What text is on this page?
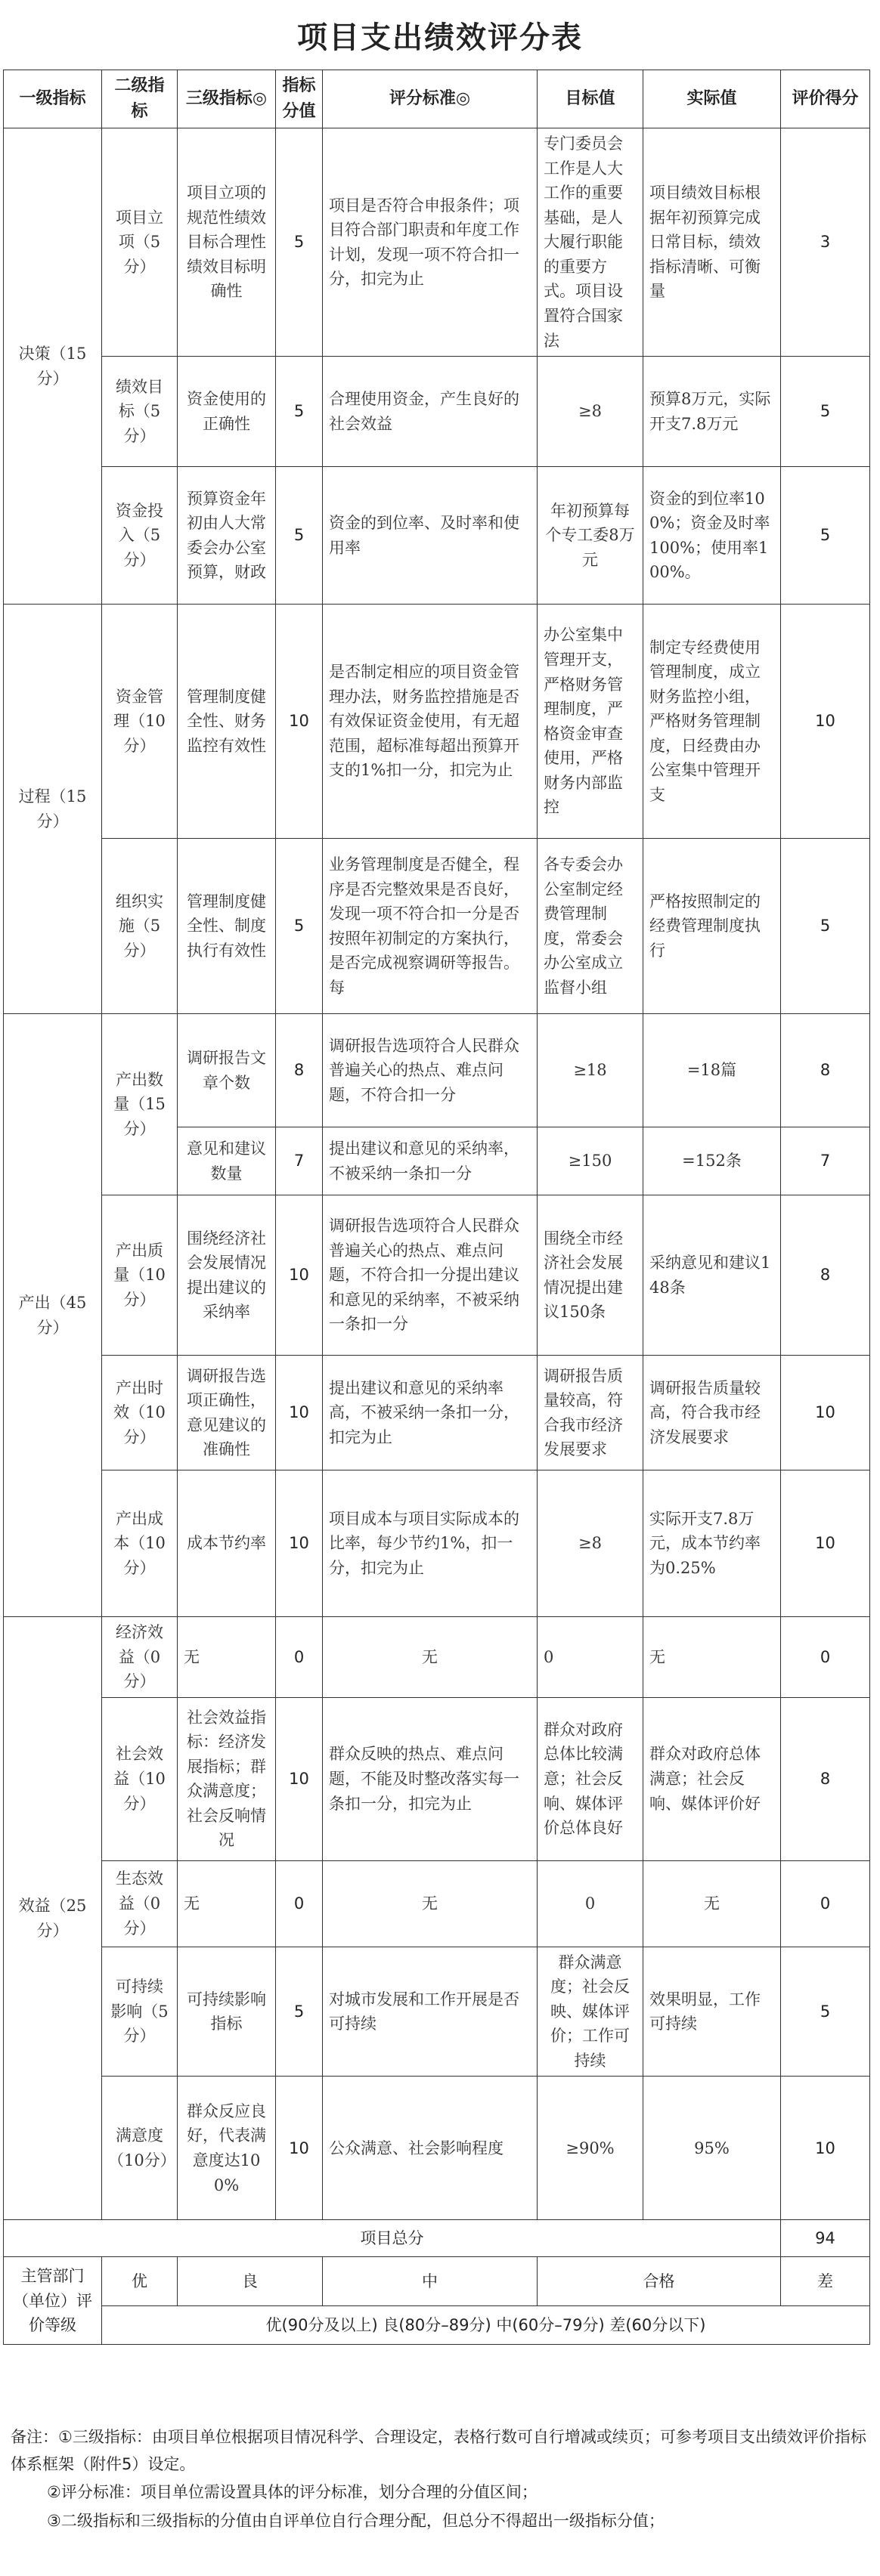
项目支出绩效评分表
一级指标	二级指标	三级指标◎	指标分值	评分标准◎	目标值	实际值	评价得分
决策（15分）	项目立项（5分）	项目立项的规范性绩效目标合理性绩效目标明确性	5	项目是否符合申报条件；项目符合部门职责和年度工作计划，发现一项不符合扣一分，扣完为止	专门委员会工作是人大工作的重要基础，是人大履行职能的重要方式。项目设置符合国家法	项目绩效目标根据年初预算完成日常目标，绩效指标清晰、可衡量	3
	绩效目标（5分）	资金使用的正确性	5	合理使用资金，产生良好的社会效益	≥8	预算8万元，实际开支7.8万元	5
	资金投入（5分）	预算资金年初由人大常委会办公室预算，财政	5	资金的到位率、及时率和使用率	年初预算每个专工委8万元	资金的到位率100%；资金及时率100%；使用率100%。	5
过程（15分）	资金管理（10分）	管理制度健全性、财务监控有效性	10	是否制定相应的项目资金管理办法，财务监控措施是否有效保证资金使用，有无超范围，超标准每超出预算开支的1%扣一分，扣完为止	办公室集中管理开支，严格财务管理制度，严格资金审查使用，严格财务内部监控	制定专经费使用管理制度，成立财务监控小组，严格财务管理制度，日经费由办公室集中管理开支	10
	组织实施（5分）	管理制度健全性、制度执行有效性	5	业务管理制度是否健全，程序是否完整效果是否良好，发现一项不符合扣一分是否按照年初制定的方案执行，是否完成视察调研等报告。每	各专委会办公室制定经费管理制度，常委会办公室成立监督小组	严格按照制定的经费管理制度执行	5
产出（45分）	产出数量（15分）	调研报告文章个数	8	调研报告选项符合人民群众普遍关心的热点、难点问题，不符合扣一分	≥18	=18篇	8
		意见和建议数量	7	提出建议和意见的采纳率，不被采纳一条扣一分	≥150	=152条	7
	产出质量（10分）	围绕经济社会发展情况提出建议的采纳率	10	调研报告选项符合人民群众普遍关心的热点、难点问题，不符合扣一分提出建议和意见的采纳率，不被采纳一条扣一分	围绕全市经济社会发展情况提出建议150条	采纳意见和建议148条	8
	产出时效（10分）	调研报告选项正确性，意见建议的准确性	10	提出建议和意见的采纳率高，不被采纳一条扣一分，扣完为止	调研报告质量较高，符合我市经济发展要求	调研报告质量较高，符合我市经济发展要求	10
	产出成本（10分）	成本节约率	10	项目成本与项目实际成本的比率，每少节约1%，扣一分，扣完为止	≥8	实际开支7.8万元，成本节约率为0.25%	10
效益（25分）	经济效益（0分）	无	0	无	0	无	0
	社会效益（10分）	社会效益指标：经济发展指标；群众满意度；社会反响情况	10	群众反映的热点、难点问题，不能及时整改落实每一条扣一分，扣完为止	群众对政府总体比较满意；社会反响、媒体评价总体良好	群众对政府总体满意；社会反响、媒体评价好	8
	生态效益（0分）	无	0	无	0	无	0
	可持续影响（5分）	可持续影响指标	5	对城市发展和工作开展是否可持续	群众满意度；社会反映、媒体评价；工作可持续	效果明显，工作可持续	5
	满意度（10分）	群众反应良好，代表满意度达100%	10	公众满意、社会影响程度	≥90%	95%	10
项目总分							94
主管部门（单位）评价等级	优	良		中	合格		差
	优(90分及以上) 良(80分–89分) 中(60分–79分) 差(60分以下)						

备注：①三级指标：由项目单位根据项目情况科学、合理设定，表格行数可自行增减或续页；可参考项目支出绩效评价指标体系框架（附件5）设定。

②评分标准：项目单位需设置具体的评分标准，划分合理的分值区间；

③二级指标和三级指标的分值由自评单位自行合理分配，但总分不得超出一级指标分值；
